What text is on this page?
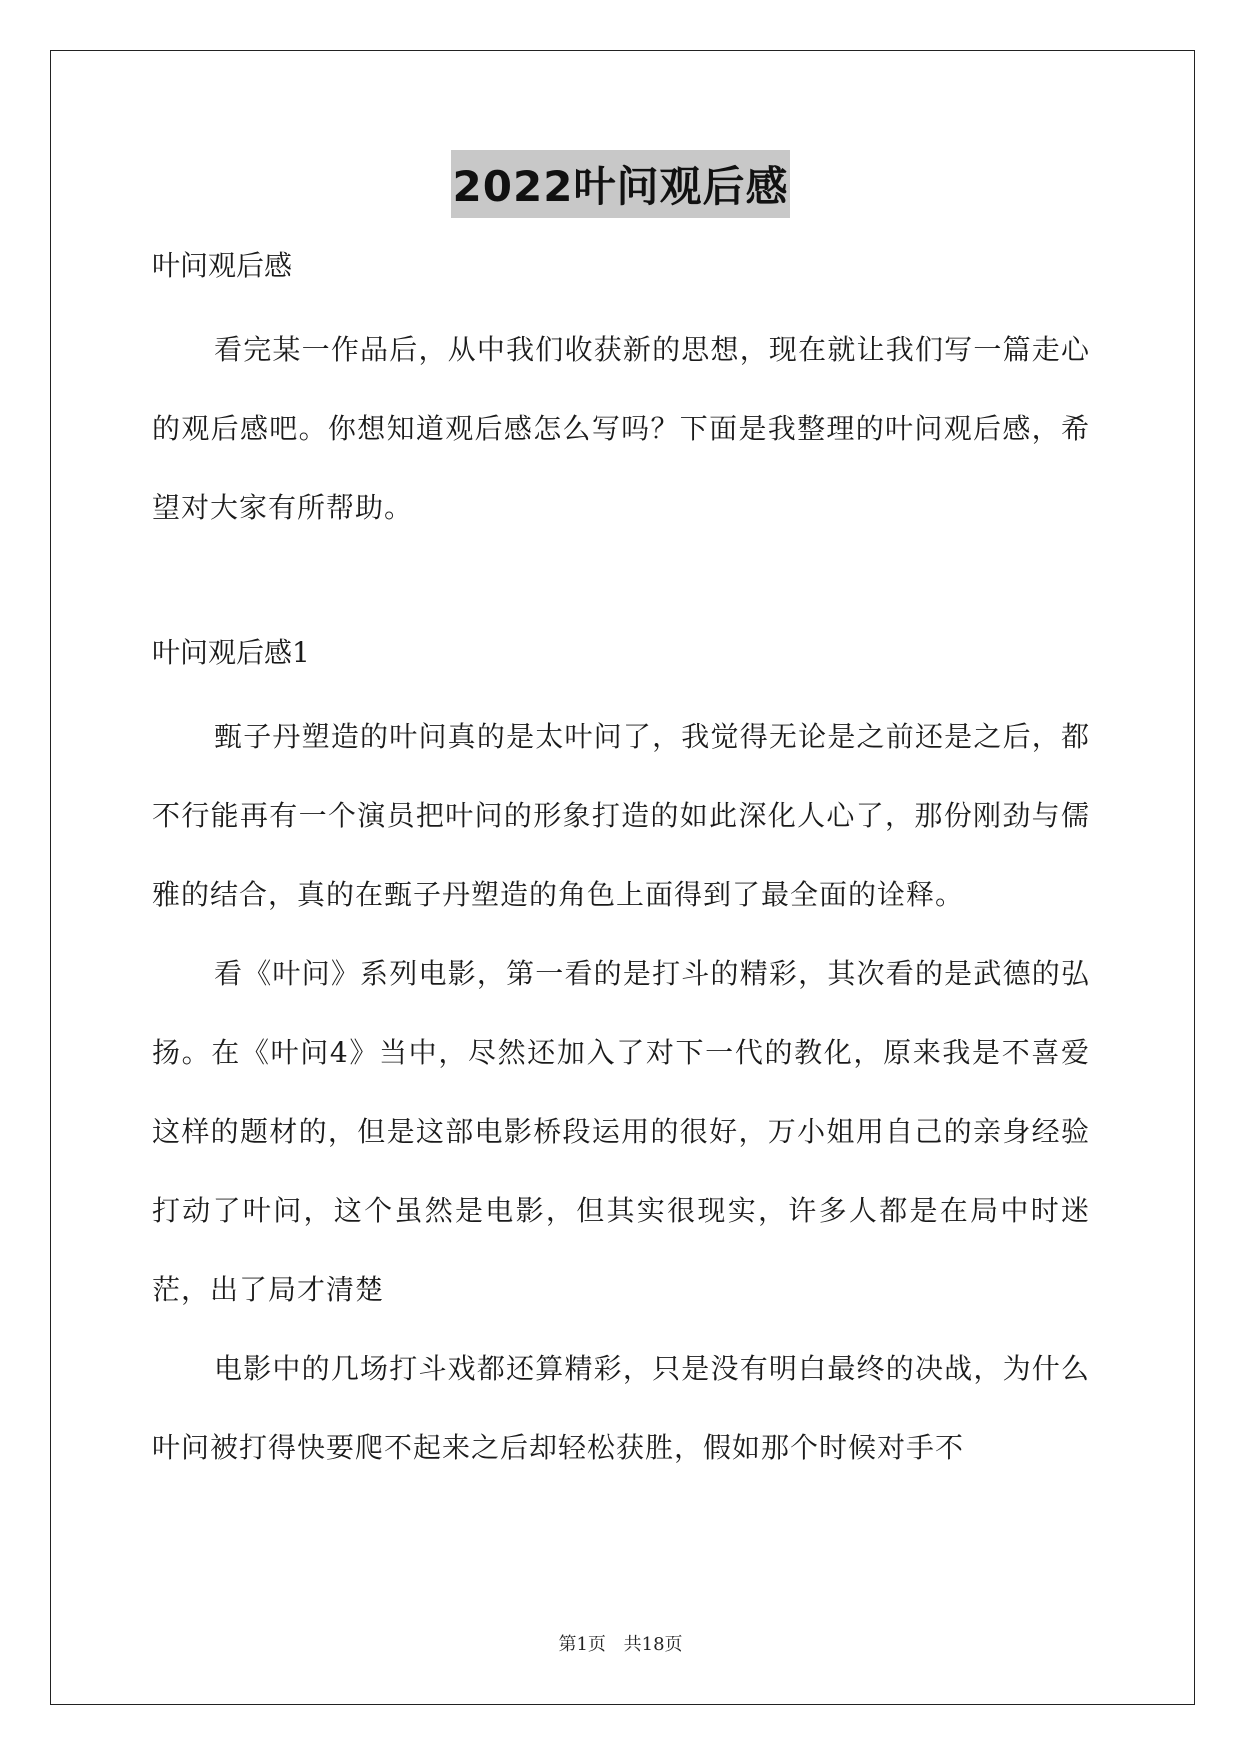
2022叶问观后感

叶问观后感

看完某一作品后，从中我们收获新的思想，现在就让我们写一篇走心的观后感吧。你想知道观后感怎么写吗？下面是我整理的叶问观后感，希望对大家有所帮助。

叶问观后感1

甄子丹塑造的叶问真的是太叶问了，我觉得无论是之前还是之后，都不行能再有一个演员把叶问的形象打造的如此深化人心了，那份刚劲与儒雅的结合，真的在甄子丹塑造的角色上面得到了最全面的诠释。

看《叶问》系列电影，第一看的是打斗的精彩，其次看的是武德的弘扬。在《叶问4》当中，尽然还加入了对下一代的教化，原来我是不喜爱这样的题材的，但是这部电影桥段运用的很好，万小姐用自己的亲身经验打动了叶问，这个虽然是电影，但其实很现实，许多人都是在局中时迷茫，出了局才清楚

电影中的几场打斗戏都还算精彩，只是没有明白最终的决战，为什么叶问被打得快要爬不起来之后却轻松获胜，假如那个时候对手不

第1页 共18页
